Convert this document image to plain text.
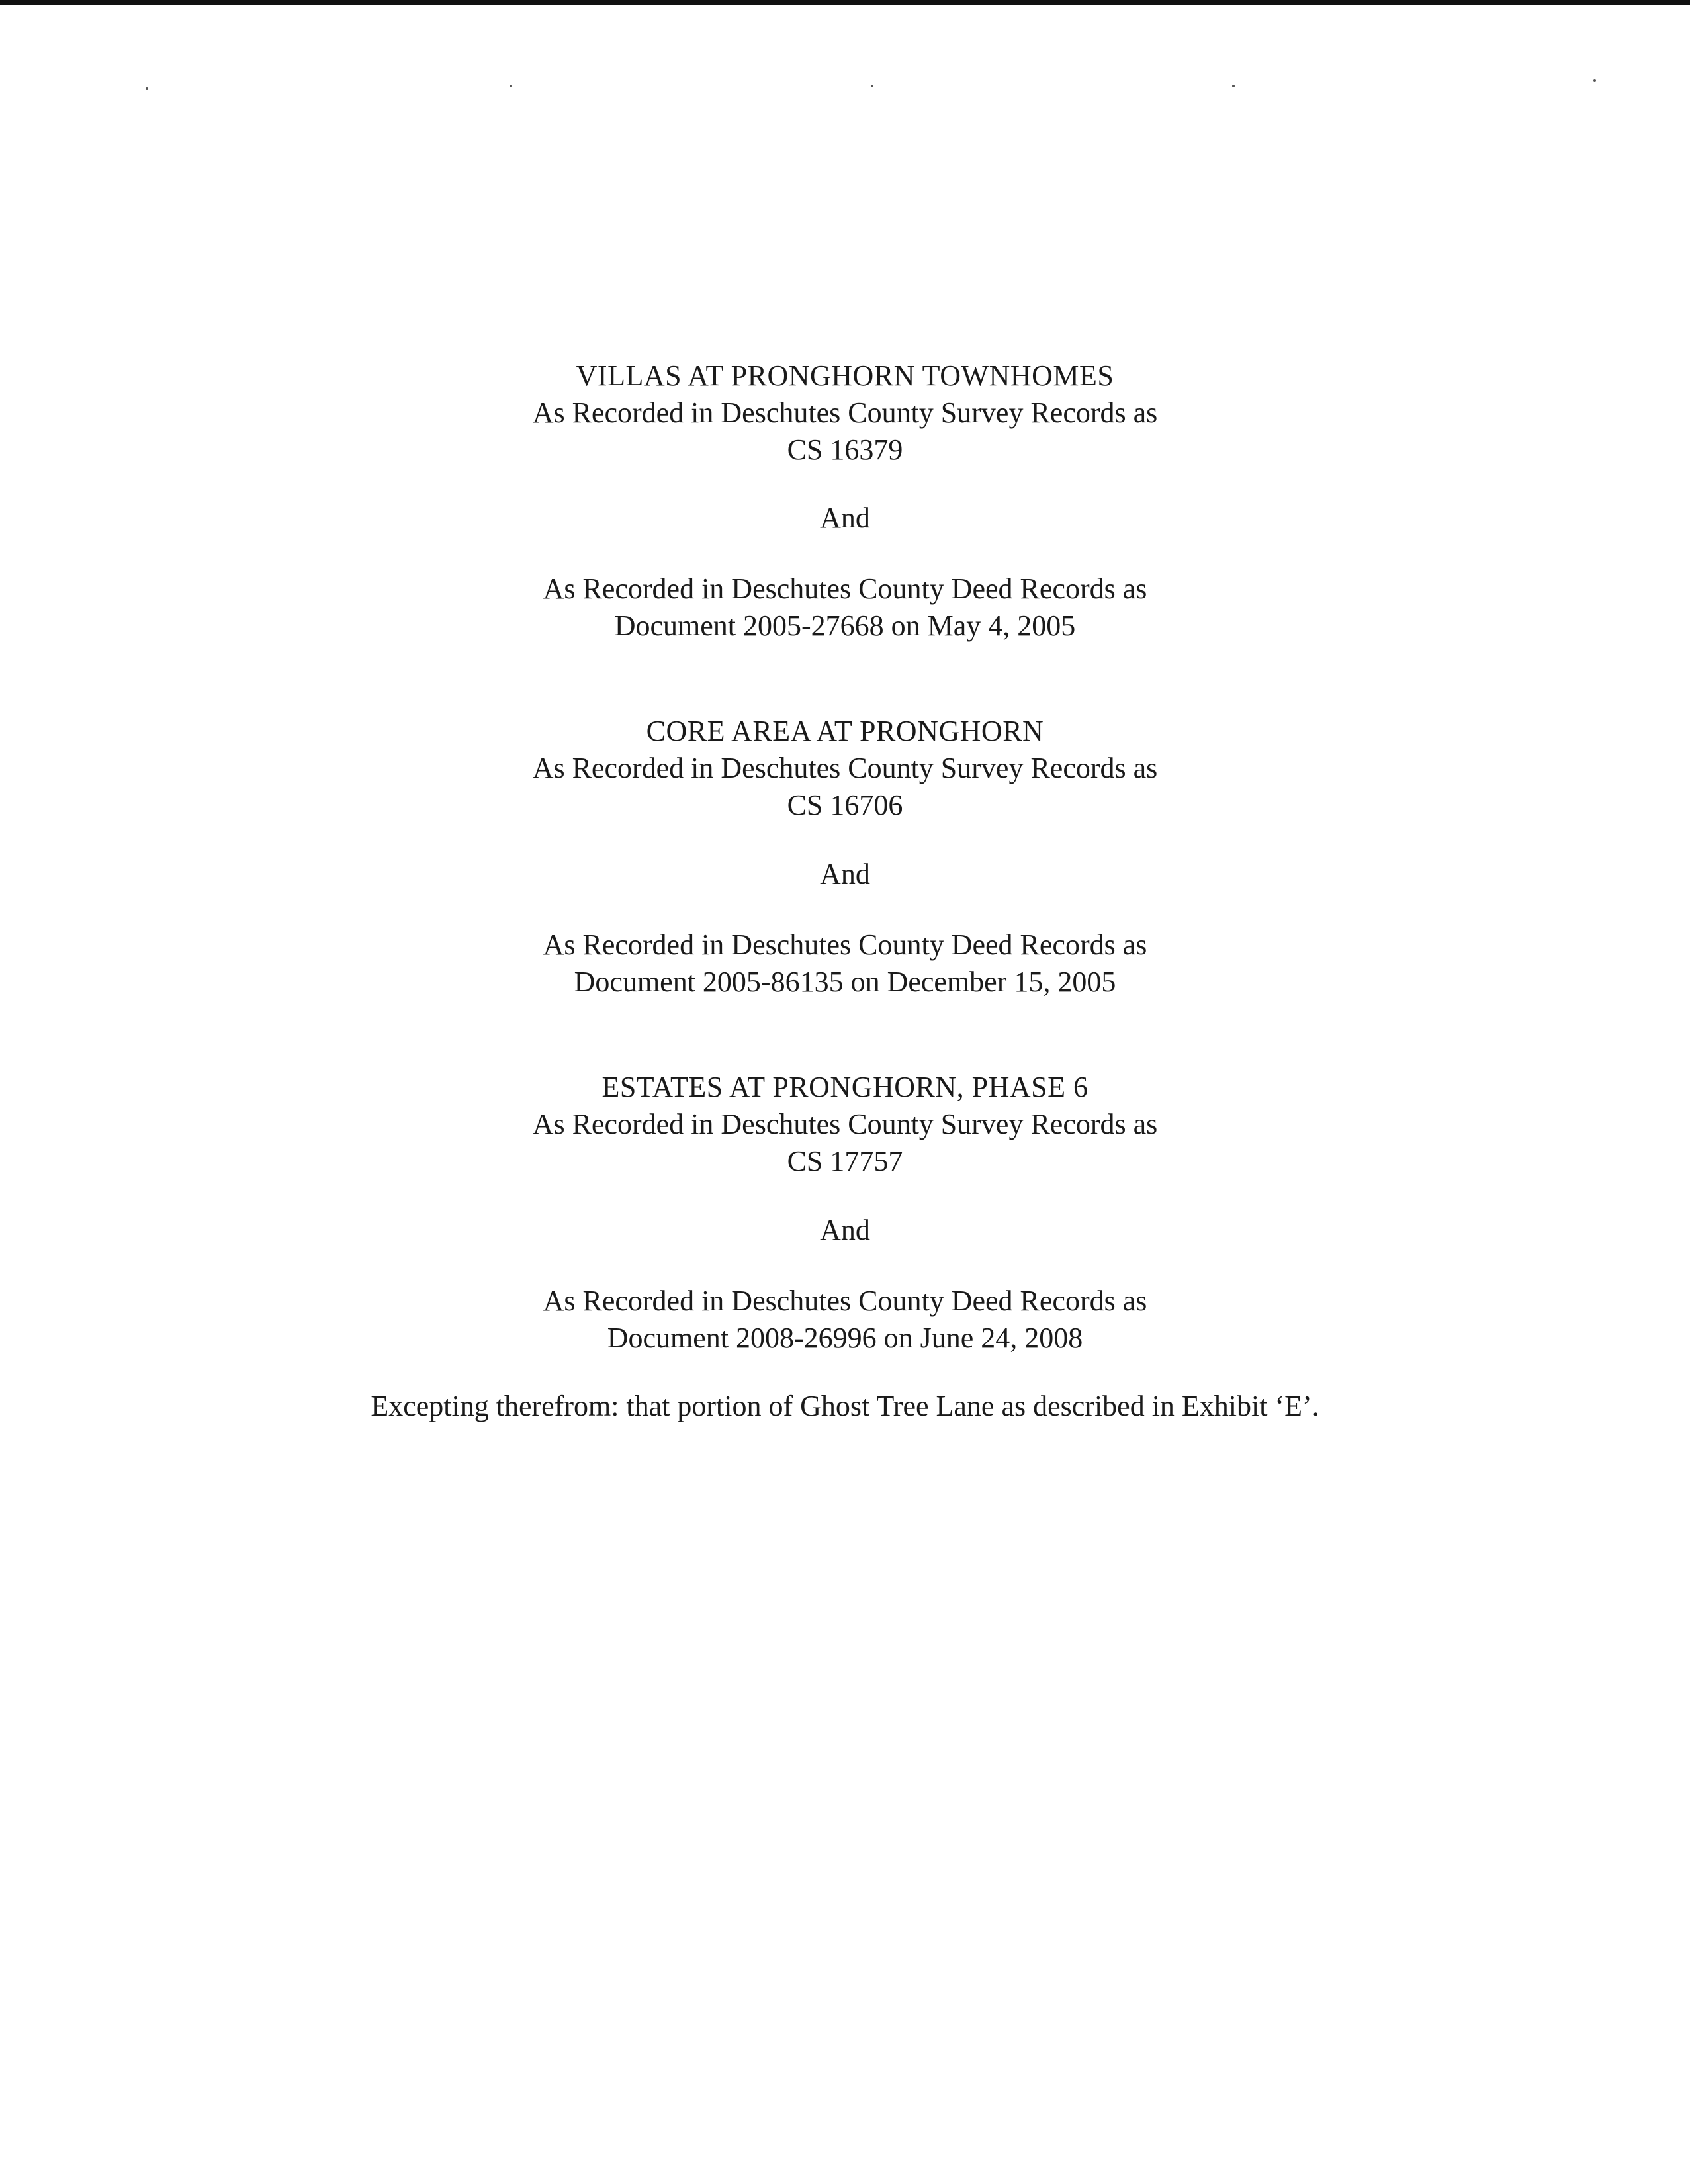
VILLAS AT PRONGHORN TOWNHOMES
As Recorded in Deschutes County Survey Records as
CS 16379
And
As Recorded in Deschutes County Deed Records as
Document 2005-27668 on May 4, 2005
CORE AREA AT PRONGHORN
As Recorded in Deschutes County Survey Records as
CS 16706
And
As Recorded in Deschutes County Deed Records as
Document 2005-86135 on December 15, 2005
ESTATES AT PRONGHORN, PHASE 6
As Recorded in Deschutes County Survey Records as
CS 17757
And
As Recorded in Deschutes County Deed Records as
Document 2008-26996 on June 24, 2008
Excepting therefrom: that portion of Ghost Tree Lane as described in Exhibit ‘E’.
